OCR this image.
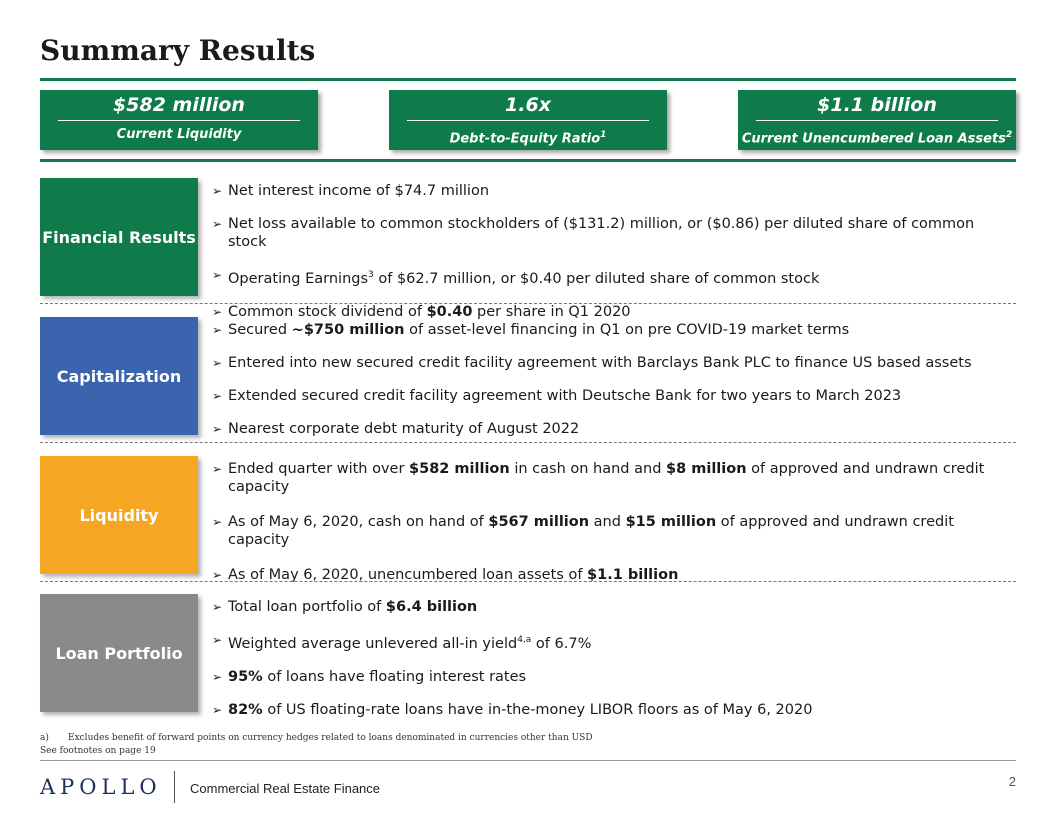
Summary Results
$582 million
Current Liquidity
1.6x
Debt-to-Equity Ratio$^1$
$1.1 billion
Current Unencumbered Loan Assets$^2$
Financial Results
➢ Net interest income of $74.7 million
➢ Net loss available to common stockholders of ($131.2) million, or ($0.86) per diluted share of common stock
➢ Operating Earnings$^3$ of $62.7 million, or $0.40 per diluted share of common stock
➢ Common stock dividend of $0.40 per share in Q1 2020
Capitalization
➢ Secured ~$750 million of asset-level financing in Q1 on pre COVID-19 market terms
➢ Entered into new secured credit facility agreement with Barclays Bank PLC to finance US based assets
➢ Extended secured credit facility agreement with Deutsche Bank for two years to March 2023
➢ Nearest corporate debt maturity of August 2022
Liquidity
➢ Ended quarter with over $582 million in cash on hand and $8 million of approved and undrawn credit capacity
➢ As of May 6, 2020, cash on hand of $567 million and $15 million of approved and undrawn credit capacity
➢ As of May 6, 2020, unencumbered loan assets of $1.1 billion
Loan Portfolio
➢ Total loan portfolio of $6.4 billion
➢ Weighted average unlevered all-in yield$^{4,a}$ of 6.7%
➢ 95% of loans have floating interest rates
➢ 82% of US floating-rate loans have in-the-money LIBOR floors as of May 6, 2020
a) Excludes benefit of forward points on currency hedges related to loans denominated in currencies other than USD
See footnotes on page 19
APOLLO Commercial Real Estate Finance	2
